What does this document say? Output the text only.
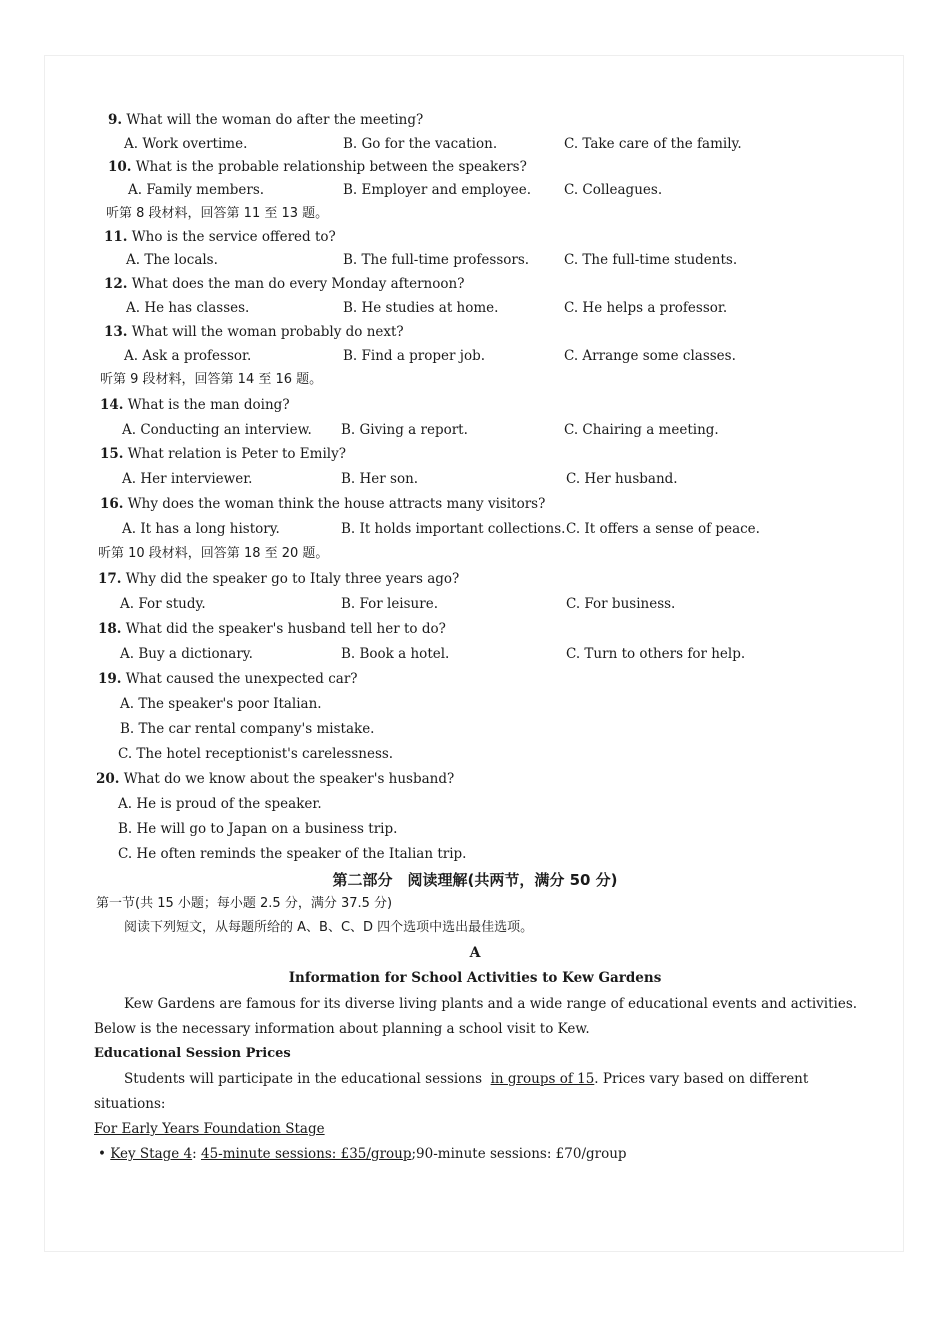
9. What will the woman do after the meeting?
A. Work overtime.	B. Go for the vacation.	C. Take care of the family.
10. What is the probable relationship between the speakers?
A. Family members.	B. Employer and employee. C. Colleagues.
听第 8 段材料，回答第 11 至 13 题。
11. Who is the service offered to?
A. The locals.	B. The full-time professors.	C. The full-time students.
12. What does the man do every Monday afternoon?
A. He has classes.	B. He studies at home.	C. He helps a professor.
13. What will the woman probably do next?
A. Ask a professor.	B. Find a proper job.	C. Arrange some classes.
听第 9 段材料，回答第 14 至 16 题。
14. What is the man doing?
A. Conducting an interview. B. Giving a report.	C. Chairing a meeting.
15. What relation is Peter to Emily?
A. Her interviewer.	B. Her son.	C. Her husband.
16. Why does the woman think the house attracts many visitors?
A. It has a long history.	B. It holds important collections. C. It offers a sense of peace.
听第 10 段材料，回答第 18 至 20 题。
17. Why did the speaker go to Italy three years ago?
A. For study.	B. For leisure.	C. For business.
18. What did the speaker's husband tell her to do?
A. Buy a dictionary.	B. Book a hotel.	C. Turn to others for help.
19. What caused the unexpected car?
A. The speaker's poor Italian.
B. The car rental company's mistake.
C. The hotel receptionist's carelessness.
20. What do we know about the speaker's husband?
A. He is proud of the speaker.
B. He will go to Japan on a business trip.
C. He often reminds the speaker of the Italian trip.
第二部分　阅读理解(共两节，满分 50 分)
第一节(共 15 小题；每小题 2.5 分，满分 37.5 分)
阅读下列短文，从每题所给的 A、B、C、D 四个选项中选出最佳选项。
A
Information for School Activities to Kew Gardens
Kew Gardens are famous for its diverse living plants and a wide range of educational events and activities.
Below is the necessary information about planning a school visit to Kew.
Educational Session Prices
Students will participate in the educational sessions in groups of 15. Prices vary based on different
situations:
For Early Years Foundation Stage
• Key Stage 4: 45-minute sessions: £35/group;90-minute sessions: £70/group
